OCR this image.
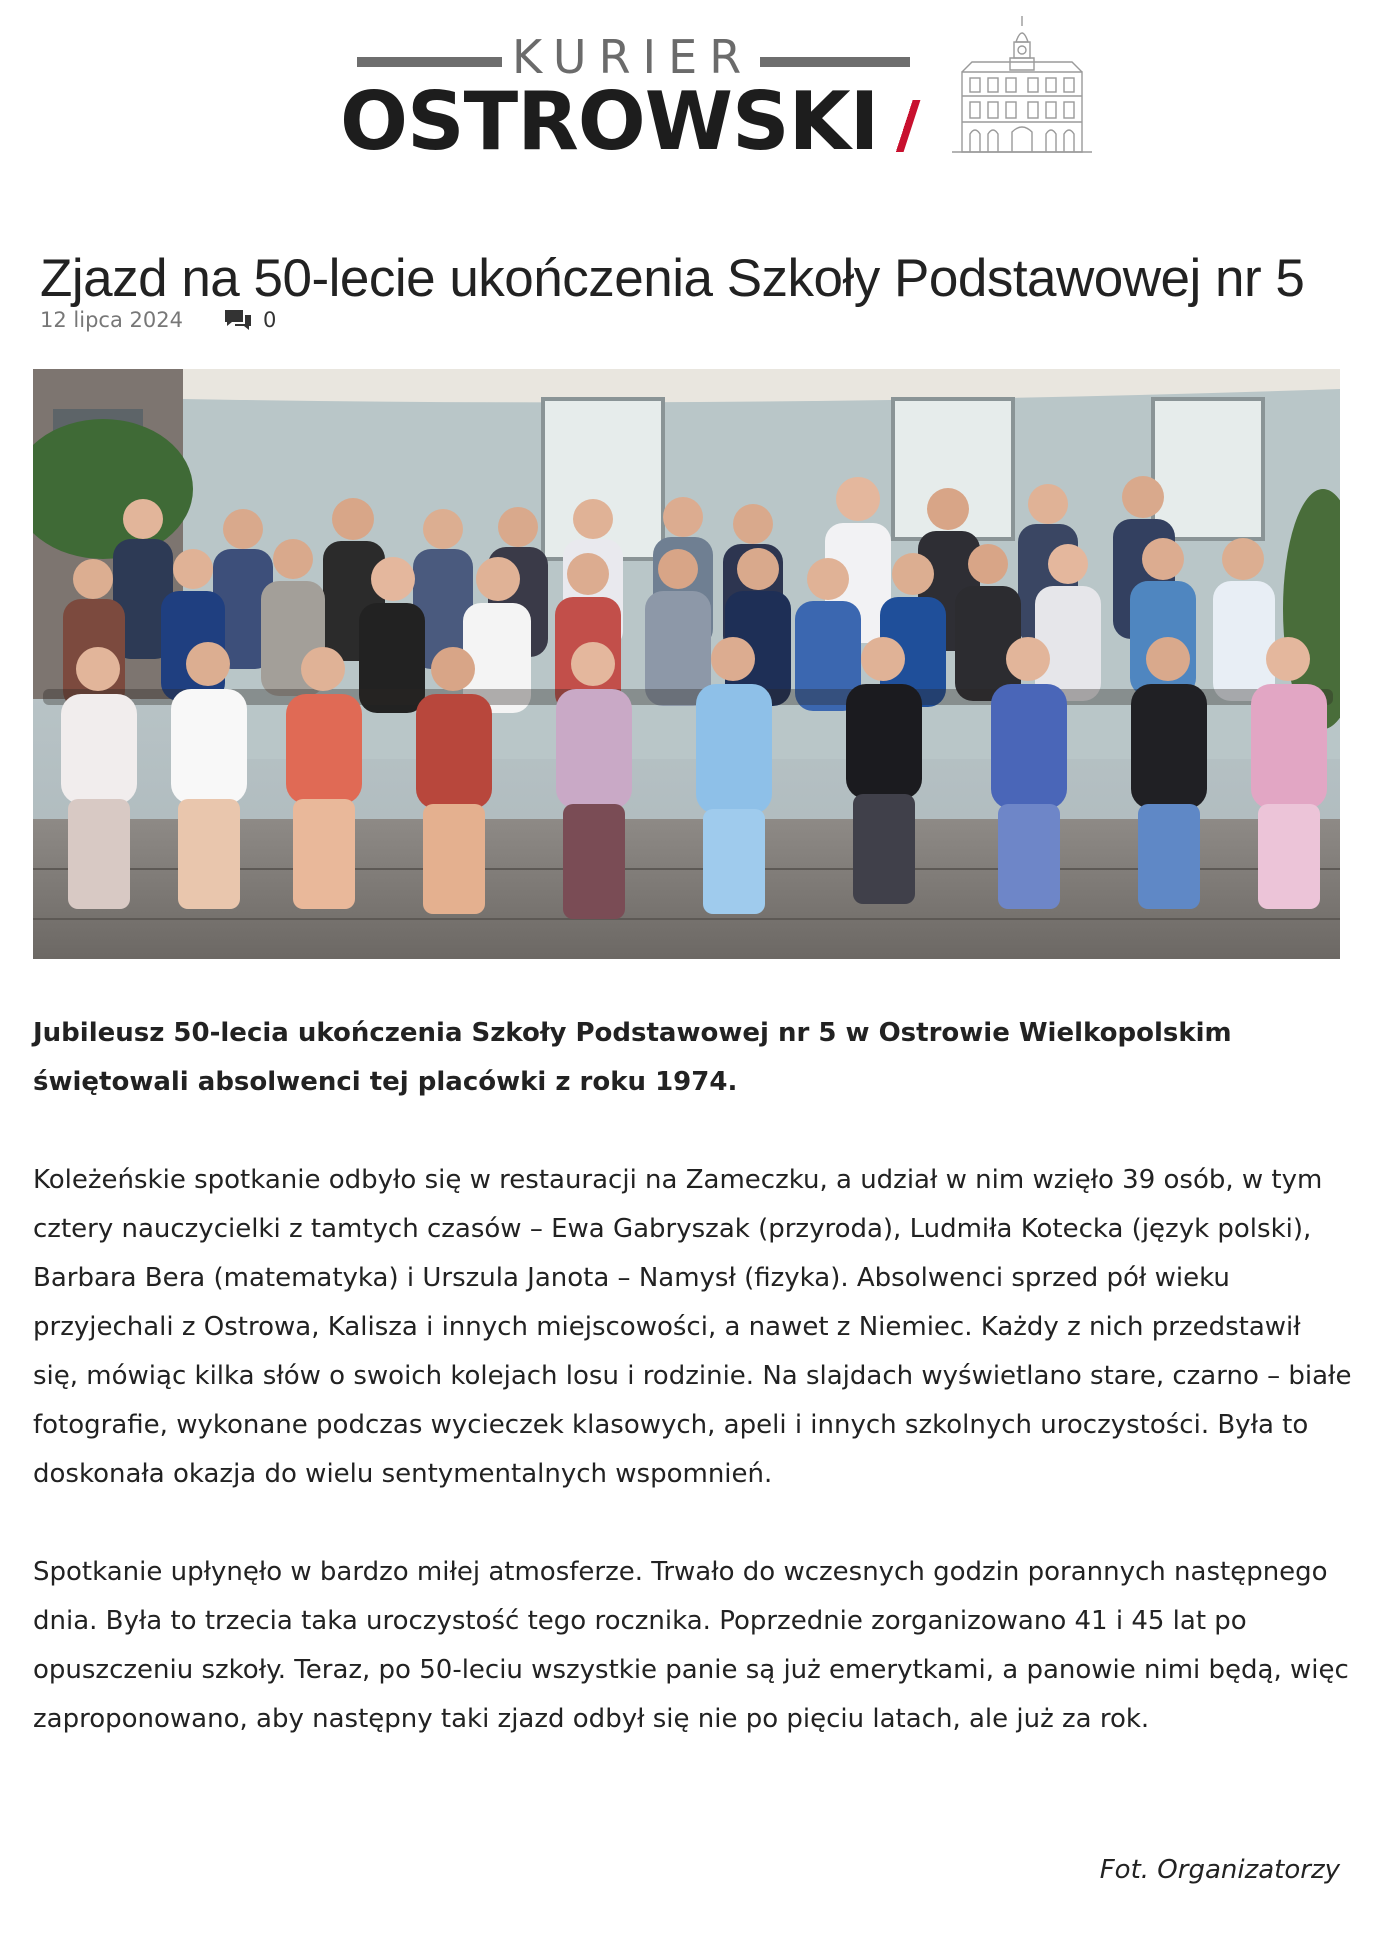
KURIER
OSTROWSKI
Zjazd na 50-lecie ukończenia Szkoły Podstawowej nr 5
12 lipca 2024	0

Jubileusz 50-lecia ukończenia Szkoły Podstawowej nr 5 w Ostrowie Wielkopolskim świętowali absolwenci tej placówki z roku 1974.

Koleżeńskie spotkanie odbyło się w restauracji na Zameczku, a udział w nim wzięło 39 osób, w tym cztery nauczycielki z tamtych czasów – Ewa Gabryszak (przyroda), Ludmiła Kotecka (język polski), Barbara Bera (matematyka) i Urszula Janota – Namysł (fizyka). Absolwenci sprzed pół wieku przyjechali z Ostrowa, Kalisza i innych miejscowości, a nawet z Niemiec. Każdy z nich przedstawił się, mówiąc kilka słów o swoich kolejach losu i rodzinie. Na slajdach wyświetlano stare, czarno – białe fotografie, wykonane podczas wycieczek klasowych, apeli i innych szkolnych uroczystości. Była to doskonała okazja do wielu sentymentalnych wspomnień.

Spotkanie upłynęło w bardzo miłej atmosferze. Trwało do wczesnych godzin porannych następnego dnia. Była to trzecia taka uroczystość tego rocznika. Poprzednie zorganizowano 41 i 45 lat po opuszczeniu szkoły. Teraz, po 50-leciu wszystkie panie są już emerytkami, a panowie nimi będą, więc zaproponowano, aby następny taki zjazd odbył się nie po pięciu latach, ale już za rok.

Fot. Organizatorzy
